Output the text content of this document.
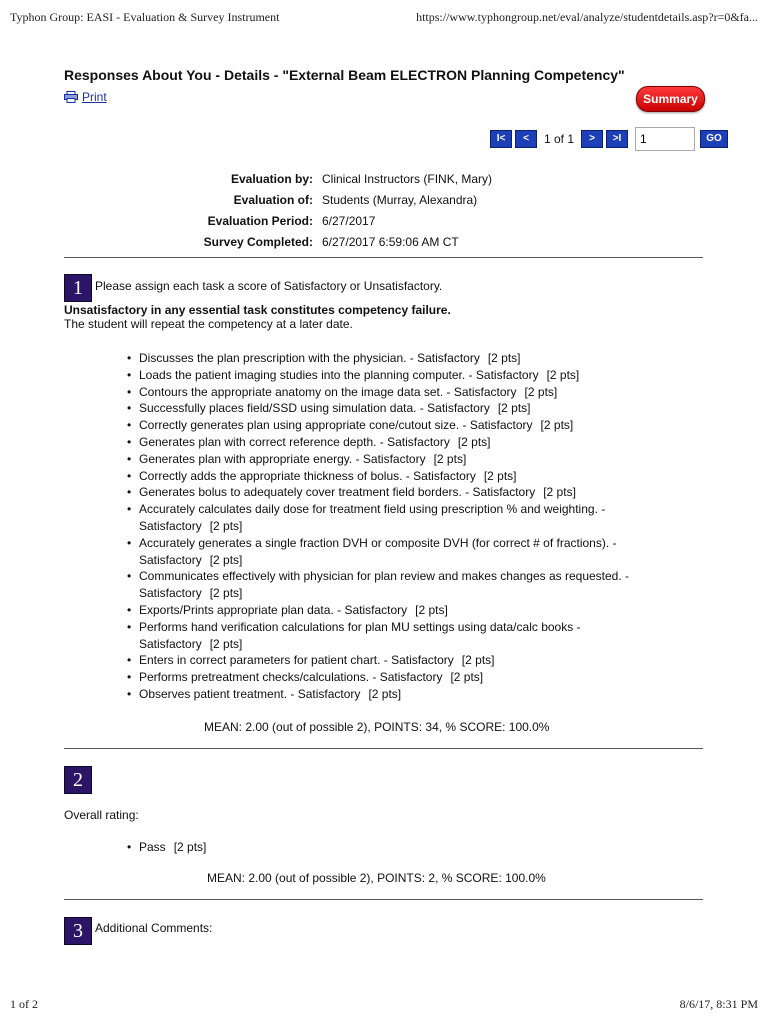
Typhon Group: EASI - Evaluation & Survey Instrument	https://www.typhongroup.net/eval/analyze/studentdetails.asp?r=0&fa...
Responses About You - Details - "External Beam ELECTRON Planning Competency"
Print	Summary
I<	<	1 of 1	>	>I
1	GO
Evaluation by: Clinical Instructors (FINK, Mary)
Evaluation of: Students (Murray, Alexandra)
Evaluation Period: 6/27/2017
Survey Completed: 6/27/2017 6:59:06 AM CT
1	Please assign each task a score of Satisfactory or Unsatisfactory.
Unsatisfactory in any essential task constitutes competency failure.
The student will repeat the competency at a later date.
• Discusses the plan prescription with the physician. - Satisfactory [2 pts]
• Loads the patient imaging studies into the planning computer. - Satisfactory [2 pts]
• Contours the appropriate anatomy on the image data set. - Satisfactory [2 pts]
• Successfully places field/SSD using simulation data. - Satisfactory [2 pts]
• Correctly generates plan using appropriate cone/cutout size. - Satisfactory [2 pts]
• Generates plan with correct reference depth. - Satisfactory [2 pts]
• Generates plan with appropriate energy. - Satisfactory [2 pts]
• Correctly adds the appropriate thickness of bolus. - Satisfactory [2 pts]
• Generates bolus to adequately cover treatment field borders. - Satisfactory [2 pts]
• Accurately calculates daily dose for treatment field using prescription % and weighting. - Satisfactory [2 pts]
• Accurately generates a single fraction DVH or composite DVH (for correct # of fractions). - Satisfactory [2 pts]
• Communicates effectively with physician for plan review and makes changes as requested. - Satisfactory [2 pts]
• Exports/Prints appropriate plan data. - Satisfactory [2 pts]
• Performs hand verification calculations for plan MU settings using data/calc books - Satisfactory [2 pts]
• Enters in correct parameters for patient chart. - Satisfactory [2 pts]
• Performs pretreatment checks/calculations. - Satisfactory [2 pts]
• Observes patient treatment. - Satisfactory [2 pts]
MEAN: 2.00 (out of possible 2), POINTS: 34, % SCORE: 100.0%
2
Overall rating:
• Pass [2 pts]
MEAN: 2.00 (out of possible 2), POINTS: 2, % SCORE: 100.0%
3	Additional Comments:
1 of 2	8/6/17, 8:31 PM
